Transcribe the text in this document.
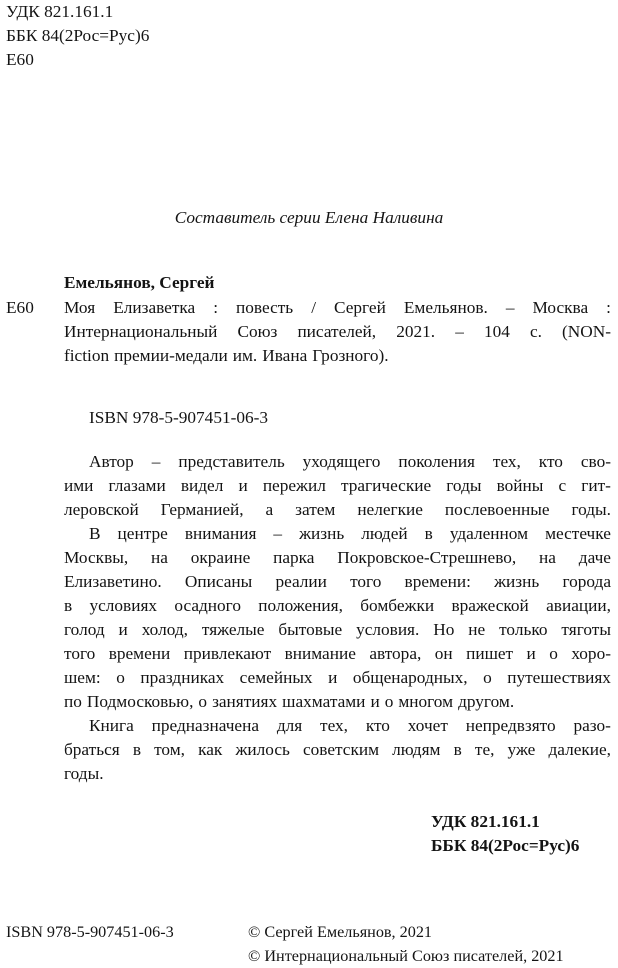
УДК 821.161.1
ББК 84(2Рос=Рус)6
Е60
Составитель серии Елена Наливина
Емельянов, Сергей
Е60 Моя Елизаветка : повесть / Сергей Емельянов. – Москва :
Интернациональный Союз писателей, 2021. – 104 с. (NON-
fiction премии-медали им. Ивана Грозного).
ISBN 978-5-907451-06-3
Автор – представитель уходящего поколения тех, кто сво-
ими глазами видел и пережил трагические годы войны с гит-
леровской Германией, а затем нелегкие послевоенные годы.
В центре внимания – жизнь людей в удаленном местечке
Москвы, на окраине парка Покровское-Стрешнево, на даче
Елизаветино. Описаны реалии того времени: жизнь города
в условиях осадного положения, бомбежки вражеской авиации,
голод и холод, тяжелые бытовые условия. Но не только тяготы
того времени привлекают внимание автора, он пишет и о хоро-
шем: о праздниках семейных и общенародных, о путешествиях
по Подмосковью, о занятиях шахматами и о многом другом.
Книга предназначена для тех, кто хочет непредвзято разо-
браться в том, как жилось советским людям в те, уже далекие,
годы.
УДК 821.161.1
ББК 84(2Рос=Рус)6
ISBN 978-5-907451-06-3	© Сергей Емельянов, 2021
© Интернациональный Союз писателей, 2021
